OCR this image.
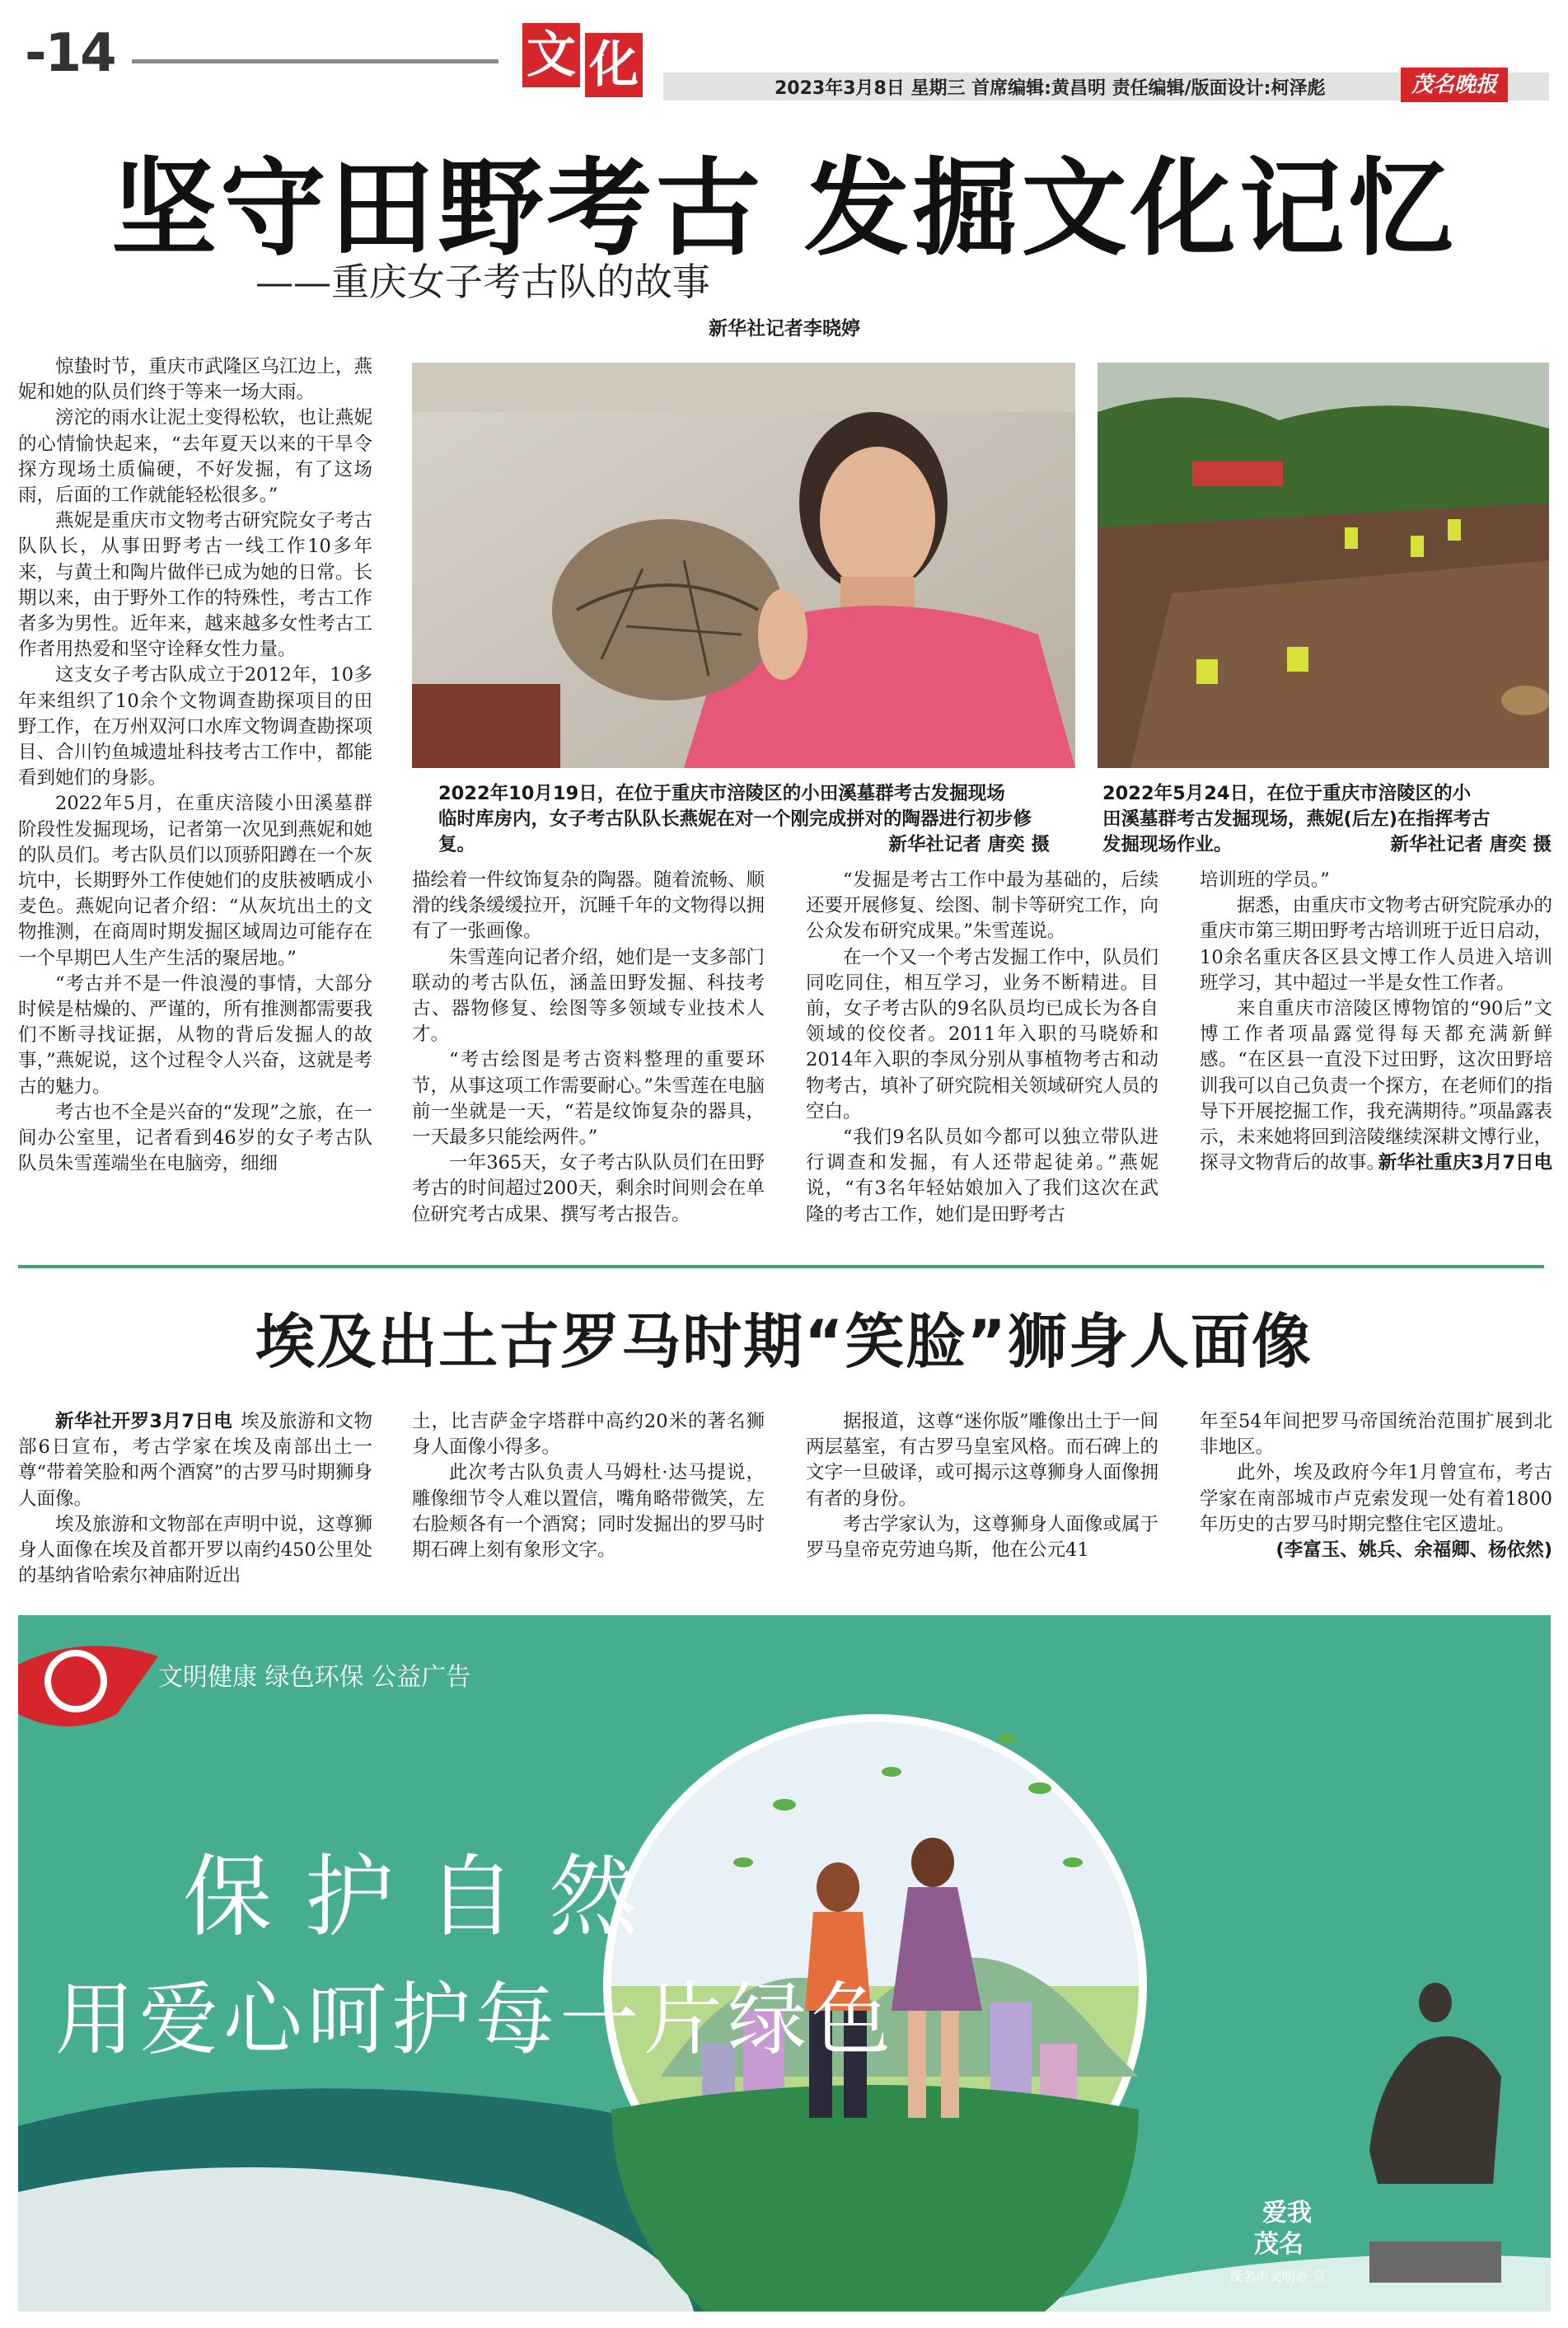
-14	文 化	2023年3月8日 星期三 首席编辑:黄昌明 责任编辑/版面设计:柯泽彪	茂名晚报
坚守田野考古 发掘文化记忆
——重庆女子考古队的故事
新华社记者李晓婷

惊蛰时节，重庆市武隆区乌江边上，燕妮和她的队员们终于等来一场大雨。

滂沱的雨水让泥土变得松软，也让燕妮的心情愉快起来，“去年夏天以来的干旱令探方现场土质偏硬，不好发掘，有了这场雨，后面的工作就能轻松很多。”

燕妮是重庆市文物考古研究院女子考古队队长，从事田野考古一线工作10多年来，与黄土和陶片做伴已成为她的日常。长期以来，由于野外工作的特殊性，考古工作者多为男性。近年来，越来越多女性考古工作者用热爱和坚守诠释女性力量。

这支女子考古队成立于2012年，10多年来组织了10余个文物调查勘探项目的田野工作，在万州双河口水库文物调查勘探项目、合川钓鱼城遗址科技考古工作中，都能看到她们的身影。

2022年5月，在重庆涪陵小田溪墓群阶段性发掘现场，记者第一次见到燕妮和她的队员们。考古队员们以顶骄阳蹲在一个灰坑中，长期野外工作使她们的皮肤被晒成小麦色。燕妮向记者介绍：“从灰坑出土的文物推测，在商周时期发掘区域周边可能存在一个早期巴人生产生活的聚居地。”

“考古并不是一件浪漫的事情，大部分时候是枯燥的、严谨的，所有推测都需要我们不断寻找证据，从物的背后发掘人的故事，”燕妮说，这个过程令人兴奋，这就是考古的魅力。

考古也不全是兴奋的“发现”之旅，在一间办公室里，记者看到46岁的女子考古队队员朱雪莲端坐在电脑旁，细细

2022年10月19日，在位于重庆市涪陵区的小田溪墓群考古发掘现场
临时库房内，女子考古队队长燕妮在对一个刚完成拼对的陶器进行初步修
复。	新华社记者 唐奕 摄
2022年5月24日，在位于重庆市涪陵区的小
田溪墓群考古发掘现场，燕妮(后左)在指挥考古
发掘现场作业。	新华社记者 唐奕 摄

描绘着一件纹饰复杂的陶器。随着流畅、顺滑的线条缓缓拉开，沉睡千年的文物得以拥有了一张画像。

朱雪莲向记者介绍，她们是一支多部门联动的考古队伍，涵盖田野发掘、科技考古、器物修复、绘图等多领域专业技术人才。

“考古绘图是考古资料整理的重要环节，从事这项工作需要耐心。”朱雪莲在电脑前一坐就是一天，“若是纹饰复杂的器具，一天最多只能绘两件。”

一年365天，女子考古队队员们在田野考古的时间超过200天，剩余时间则会在单位研究考古成果、撰写考古报告。

“发掘是考古工作中最为基础的，后续还要开展修复、绘图、制卡等研究工作，向公众发布研究成果。”朱雪莲说。

在一个又一个考古发掘工作中，队员们同吃同住，相互学习，业务不断精进。目前，女子考古队的9名队员均已成长为各自领域的佼佼者。2011年入职的马晓娇和2014年入职的李凤分别从事植物考古和动物考古，填补了研究院相关领域研究人员的空白。

“我们9名队员如今都可以独立带队进行调查和发掘，有人还带起徒弟。”燕妮说，“有3名年轻姑娘加入了我们这次在武隆的考古工作，她们是田野考古

培训班的学员。”

据悉，由重庆市文物考古研究院承办的重庆市第三期田野考古培训班于近日启动，10余名重庆各区县文博工作人员进入培训班学习，其中超过一半是女性工作者。

来自重庆市涪陵区博物馆的“90后”文博工作者项晶露觉得每天都充满新鲜感。“在区县一直没下过田野，这次田野培训我可以自己负责一个探方，在老师们的指导下开展挖掘工作，我充满期待。”项晶露表示，未来她将回到涪陵继续深耕文博行业，探寻文物背后的故事。

新华社重庆3月7日电
埃及出土古罗马时期“笑脸”狮身人面像

新华社开罗3月7日电 埃及旅游和文物部6日宣布，考古学家在埃及南部出土一尊“带着笑脸和两个酒窝”的古罗马时期狮身人面像。

埃及旅游和文物部在声明中说，这尊狮身人面像在埃及首都开罗以南约450公里处的基纳省哈索尔神庙附近出

土，比吉萨金字塔群中高约20米的著名狮身人面像小得多。

此次考古队负责人马姆杜·达马提说，雕像细节令人难以置信，嘴角略带微笑，左右脸颊各有一个酒窝；同时发掘出的罗马时期石碑上刻有象形文字。

据报道，这尊“迷你版”雕像出土于一间两层墓室，有古罗马皇室风格。而石碑上的文字一旦破译，或可揭示这尊狮身人面像拥有者的身份。

考古学家认为，这尊狮身人面像或属于罗马皇帝克劳迪乌斯，他在公元41

年至54年间把罗马帝国统治范围扩展到北非地区。

此外，埃及政府今年1月曾宣布，考古学家在南部城市卢克索发现一处有着1800年历史的古罗马时期完整住宅区遗址。

(李富玉、姚兵、余福卿、杨依然)
文明健康 绿色环保 公益广告
保护自然
用爱心呵护每一片绿色
爱我
茂名
茂名市文明办 宣
